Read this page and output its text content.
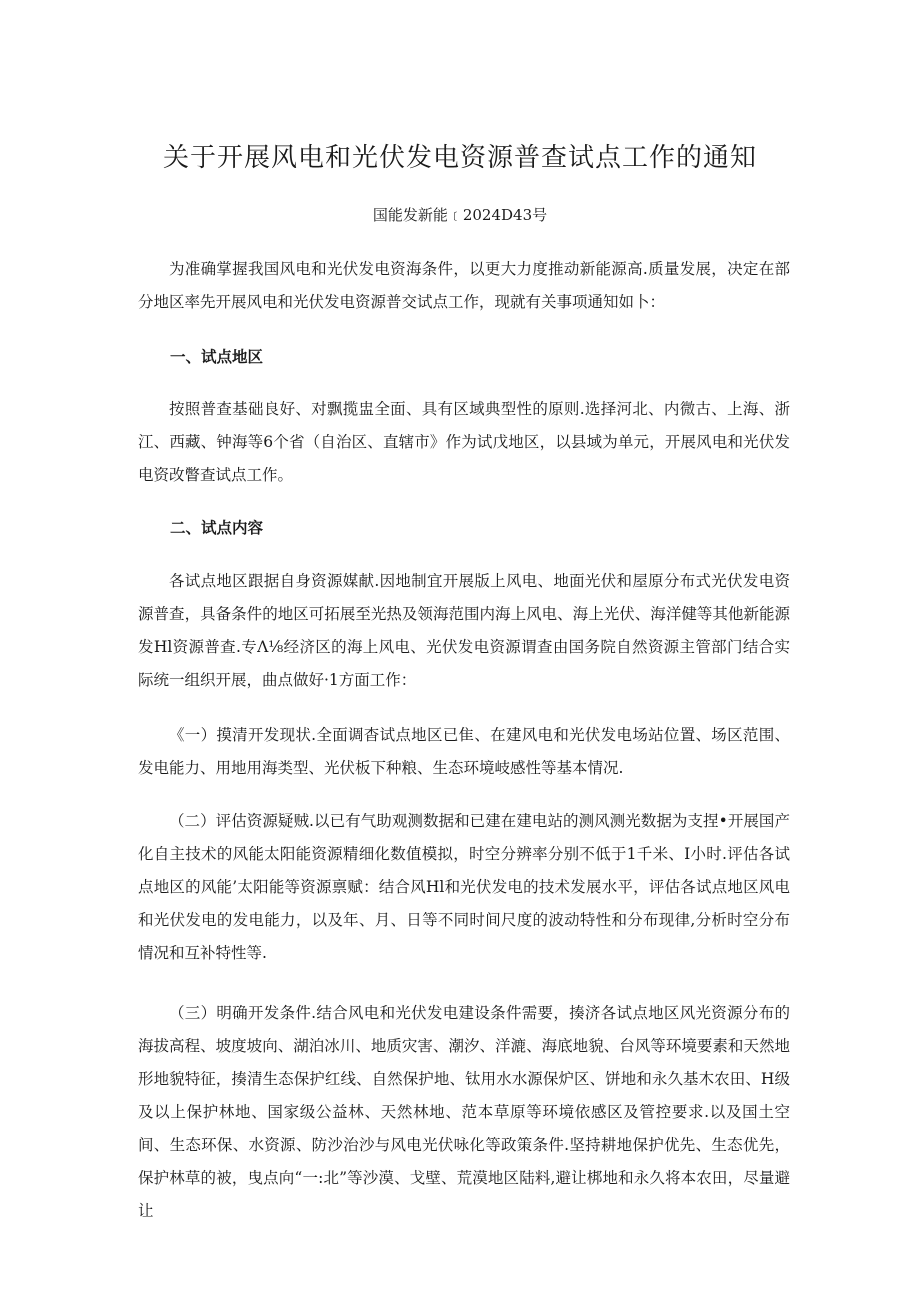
关于开展风电和光伏发电资源普查试点工作的通知
国能发新能﹝2024D43号

为准确掌握我国风电和光伏发电资海条件，以更大力度推动新能源高.质量发展，决定在部分地区率先开展风电和光伏发电资源普交试点工作，现就有关事项通知如卜：

一、试点地区

按照普查基础良好、对飘揽盅全面、具有区域典型性的原则.选择河北、内微古、上海、浙江、西藏、钟海等6个省（自治区、直辖市》作为试戊地区，以县域为单元，开展风电和光伏发电资改瞥查试点工作。

二、试点内容

各试点地区跟据自身资源媒献.因地制宜开展版上风电、地面光伏和屋原分布式光伏发电资源普查，具备条件的地区可拓展至光热及领海范围内海上风电、海上光伏、海洋健等其他新能源发Hl资源普查.专Λ⅛经济区的海上风电、光伏发电资源谓查由国务院自然资源主管部门结合实际统一组织开展，曲点做好·1方面工作：

《一）摸清开发现状.全面调杳试点地区已隹、在建风电和光伏发电场站位置、场区范围、发电能力、用地用海类型、光伏板下种粮、生态环境岐感性等基本情况.

（二）评估资源疑贼.以已有气助观测数据和已建在建电站的测风测光数据为支捏•开展国产化自主技术的风能太阳能资源精细化数值模拟，时空分辨率分别不低于1千米、I小时.评估各试点地区的风能’太阳能等资源禀赋：结合风Hl和光伏发电的技术发展水平，评估各试点地区风电和光伏发电的发电能力，以及年、月、日等不同时间尺度的波动特性和分布现律,分析时空分布情况和互补特性等.

（三）明确开发条件.结合风电和光伏发电建设条件需要，揍济各试点地区风光资源分布的海拔高程、坡度坡向、湖泊冰川、地质灾害、潮汐、洋漉、海底地貌、台风等环境要素和天然地形地貌特征，揍清生态保护红线、自然保护地、钛用水水源保炉区、饼地和永久基木农田、H级及以上保护林地、国家级公益林、天然林地、范本草原等环境依感区及管控要求.以及国土空间、生态环保、水资源、防沙治沙与风电光伏咏化等政策条件.坚持耕地保护优先、生态优先，保护林草的被，曳点向“一:北”等沙漠、戈壁、荒漠地区陆料,避让梆地和永久将本农田，尽量避让
